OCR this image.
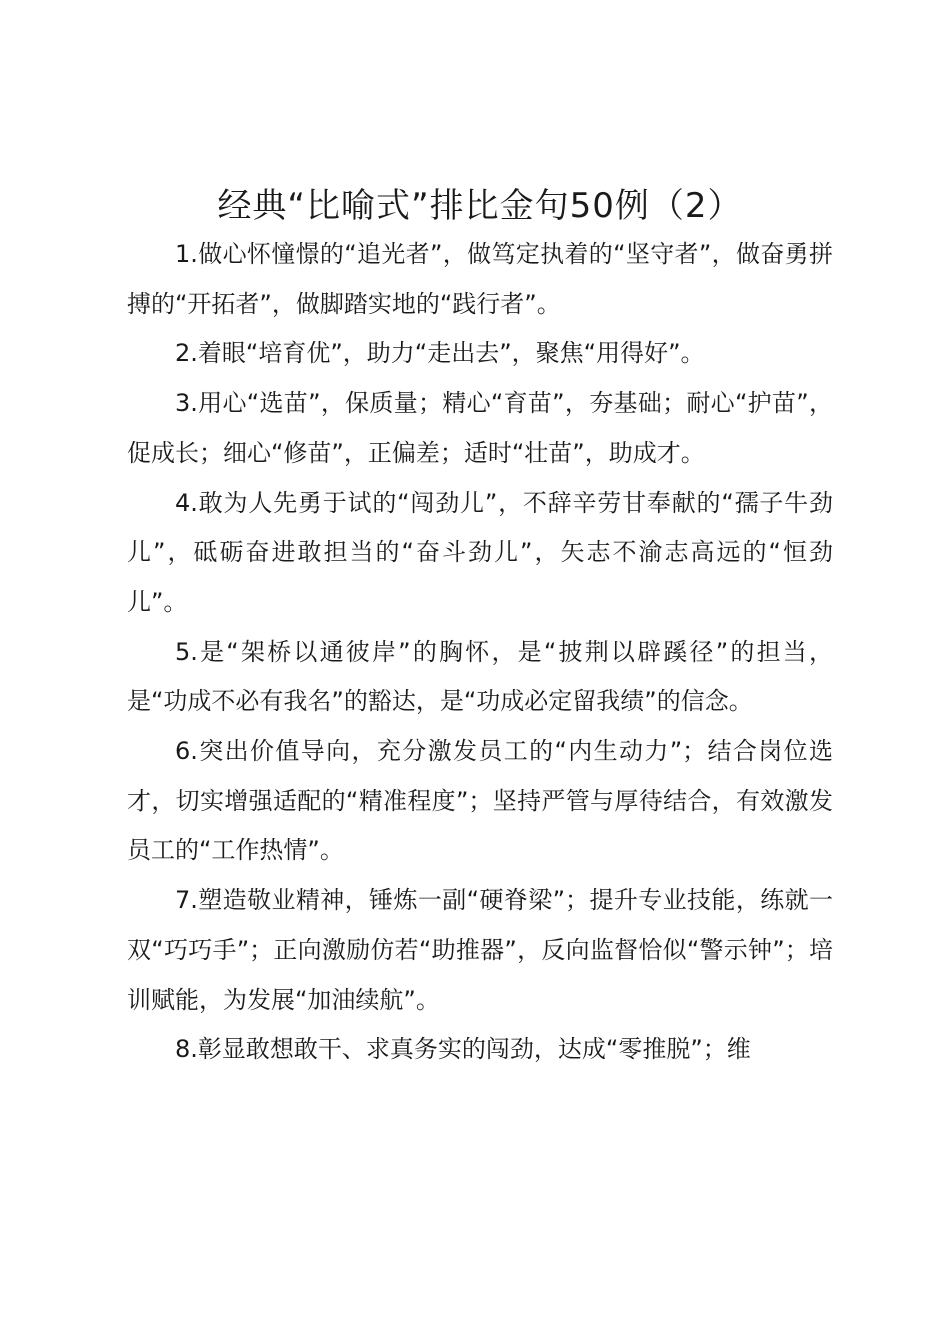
经典“比喻式”排比金句50例（2）

1.做心怀憧憬的“追光者”，做笃定执着的“坚守者”，做奋勇拼搏的“开拓者”，做脚踏实地的“践行者”。

2.着眼“培育优”，助力“走出去”，聚焦“用得好”。

3.用心“选苗”，保质量；精心“育苗”，夯基础；耐心“护苗”，促成长；细心“修苗”，正偏差；适时“壮苗”，助成才。

4.敢为人先勇于试的“闯劲儿”，不辞辛劳甘奉献的“孺子牛劲儿”，砥砺奋进敢担当的“奋斗劲儿”，矢志不渝志高远的“恒劲儿”。

5.是“架桥以通彼岸”的胸怀，是“披荆以辟蹊径”的担当，是“功成不必有我名”的豁达，是“功成必定留我绩”的信念。

6.突出价值导向，充分激发员工的“内生动力”；结合岗位选才，切实增强适配的“精准程度”；坚持严管与厚待结合，有效激发员工的“工作热情”。

7.塑造敬业精神，锤炼一副“硬脊梁”；提升专业技能，练就一双“巧巧手”；正向激励仿若“助推器”，反向监督恰似“警示钟”；培训赋能，为发展“加油续航”。

8.彰显敢想敢干、求真务实的闯劲，达成“零推脱”；维
